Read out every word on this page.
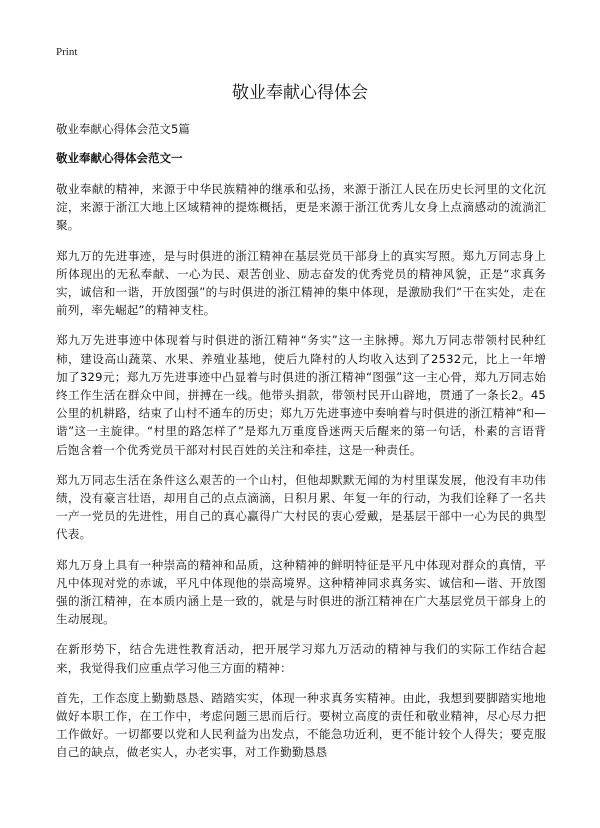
Print
敬业奉献心得体会

敬业奉献心得体会范文5篇

敬业奉献心得体会范文一

敬业奉献的精神，来源于中华民族精神的继承和弘扬，来源于浙江人民在历史长河里的文化沉淀，来源于浙江大地上区域精神的提炼概括，更是来源于浙江优秀儿女身上点滴感动的流淌汇聚。

郑九万的先进事迹，是与时俱进的浙江精神在基层党员干部身上的真实写照。郑九万同志身上所体现出的无私奉献、一心为民、艰苦创业、励志奋发的优秀党员的精神风貌，正是“求真务实，诚信和一谐，开放图强”的与时俱进的浙江精神的集中体现，是激励我们“干在实处，走在前列，率先崛起”的精神支柱。

郑九万先进事迹中体现着与时俱进的浙江精神“务实”这一主脉搏。郑九万同志带领村民种红柿，建设高山蔬菜、水果、养殖业基地，使后九降村的人均收入达到了2532元，比上一年增加了329元；郑九万先进事迹中凸显着与时俱进的浙江精神“图强”这一主心骨，郑九万同志始终工作生活在群众中间，拼搏在一线。他带头捐款，带领村民开山辟地，贯通了一条长2。45公里的机耕路，结束了山村不通车的历史；郑九万先进事迹中奏响着与时俱进的浙江精神“和—谐”这一主旋律。“村里的路怎样了”是郑九万重度昏迷两天后醒来的第一句话，朴素的言语背后饱含着一个优秀党员干部对村民百姓的关注和牵挂，这是一种责任。

郑九万同志生活在条件这么艰苦的一个山村，但他却默默无闻的为村里谋发展，他没有丰功伟绩，没有豪言壮语，却用自己的点点滴滴，日积月累、年复一年的行动，为我们诠释了一名共一产一党员的先进性，用自己的真心赢得广大村民的衷心爱戴，是基层干部中一心为民的典型代表。

郑九万身上具有一种崇高的精神和品质，这种精神的鲜明特征是平凡中体现对群众的真情，平凡中体现对党的赤诚，平凡中体现他的崇高境界。这种精神同求真务实、诚信和—谐、开放图强的浙江精神，在本质内涵上是一致的，就是与时俱进的浙江精神在广大基层党员干部身上的生动展现。

在新形势下，结合先进性教育活动，把开展学习郑九万活动的精神与我们的实际工作结合起来，我觉得我们应重点学习他三方面的精神：

首先，工作态度上勤勤恳恳、踏踏实实，体现一种求真务实精神。由此，我想到要脚踏实地地做好本职工作，在工作中，考虑问题三思而后行。要树立高度的责任和敬业精神，尽心尽力把工作做好。一切都要以党和人民利益为出发点，不能急功近利，更不能计较个人得失；要克服自己的缺点，做老实人，办老实事，对工作勤勤恳恳
